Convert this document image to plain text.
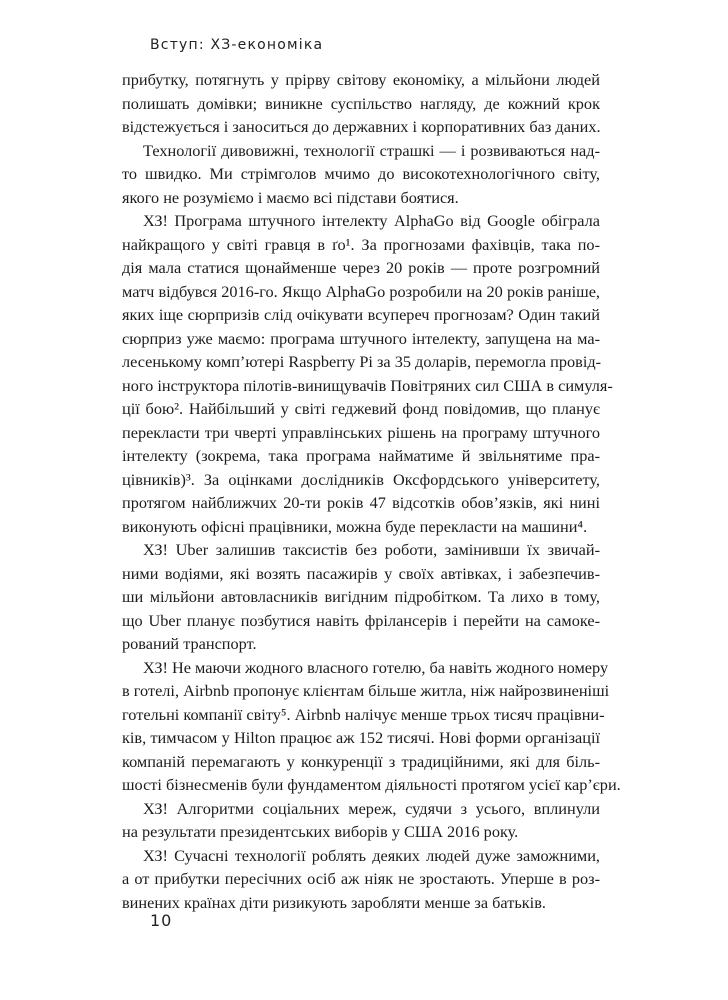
Вступ: ХЗ-економіка

прибутку, потягнуть у прірву світову економіку, а мільйони людей
полишать домівки; виникне суспільство нагляду, де кожний крок
відстежується і заноситься до державних і корпоративних баз даних.

Технології дивовижні, технології страшкі — і розвиваються над-
то швидко. Ми стрімголов мчимо до високотехнологічного світу,
якого не розуміємо і маємо всі підстави боятися.

ХЗ! Програма штучного інтелекту AlphaGo від Google обіграла
найкращого у світі гравця в ґо¹. За прогнозами фахівців, така по-
дія мала статися щонайменше через 20 років — проте розгромний
матч відбувся 2016-го. Якщо AlphaGo розробили на 20 років раніше,
яких іще сюрпризів слід очікувати всупереч прогнозам? Один такий
сюрприз уже маємо: програма штучного інтелекту, запущена на ма-
лесенькому комп’ютері Raspberry Pi за 35 доларів, перемогла провід-
ного інструктора пілотів-винищувачів Повітряних сил США в симуля-
ції бою². Найбільший у світі геджевий фонд повідомив, що планує
перекласти три чверті управлінських рішень на програму штучного
інтелекту (зокрема, така програма найматиме й звільнятиме пра-
цівників)³. За оцінками дослідників Оксфордського університету,
протягом найближчих 20-ти років 47 відсотків обов’язків, які нині
виконують офісні працівники, можна буде перекласти на машини⁴.

ХЗ! Uber залишив таксистів без роботи, замінивши їх звичай-
ними водіями, які возять пасажирів у своїх автівках, і забезпечив-
ши мільйони автовласників вигідним підробітком. Та лихо в тому,
що Uber планує позбутися навіть фрілансерів і перейти на самоке-
рований транспорт.

ХЗ! Не маючи жодного власного готелю, ба навіть жодного номеру
в готелі, Airbnb пропонує клієнтам більше житла, ніж найрозвиненіші
готельні компанії світу⁵. Airbnb налічує менше трьох тисяч працівни-
ків, тимчасом у Hilton працює аж 152 тисячі. Нові форми організації
компаній перемагають у конкуренції з традиційними, які для біль-
шості бізнесменів були фундаментом діяльності протягом усієї кар’єри.

ХЗ! Алгоритми соціальних мереж, судячи з усього, вплинули
на результати президентських виборів у США 2016 року.

ХЗ! Сучасні технології роблять деяких людей дуже заможними,
а от прибутки пересічних осіб аж ніяк не зростають. Уперше в роз-
винених країнах діти ризикують заробляти менше за батьків.

10
